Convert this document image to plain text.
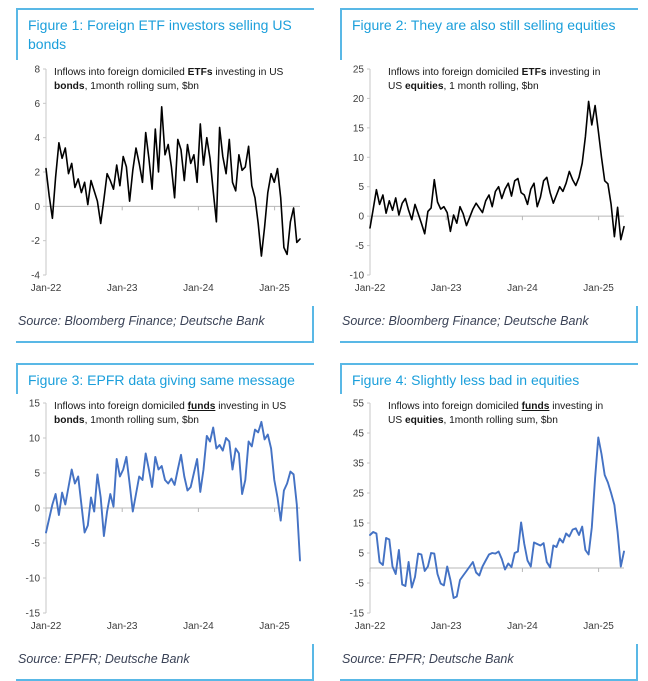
Figure 1: Foreign ETF investors selling US bonds
8
6
4
2
0
-2
-4
Jan-22	Jan-23	Jan-24	Jan-25
Inflows into foreign domiciled ETFs investing in US bonds, 1month rolling sum, $bn
Source: Bloomberg Finance; Deutsche Bank
Figure 2: They are also still selling equities
25
20
15
10
5
0
-5
-10
Jan-22	Jan-23	Jan-24	Jan-25
Inflows into foreign domiciled ETFs investing in US equities, 1 month rolling, $bn
Source: Bloomberg Finance; Deutsche Bank
Figure 3: EPFR data giving same message
15
10
5
0
-5
-10
-15
Jan-22	Jan-23	Jan-24	Jan-25
Inflows into foreign domiciled funds investing in US bonds, 1month rolling sum, $bn
Source: EPFR; Deutsche Bank
Figure 4: Slightly less bad in equities
55
45
35
25
15
5
-5
-15
Jan-22	Jan-23	Jan-24	Jan-25
Inflows into foreign domiciled funds investing in US equities, 1month rolling sum, $bn
Source: EPFR; Deutsche Bank
